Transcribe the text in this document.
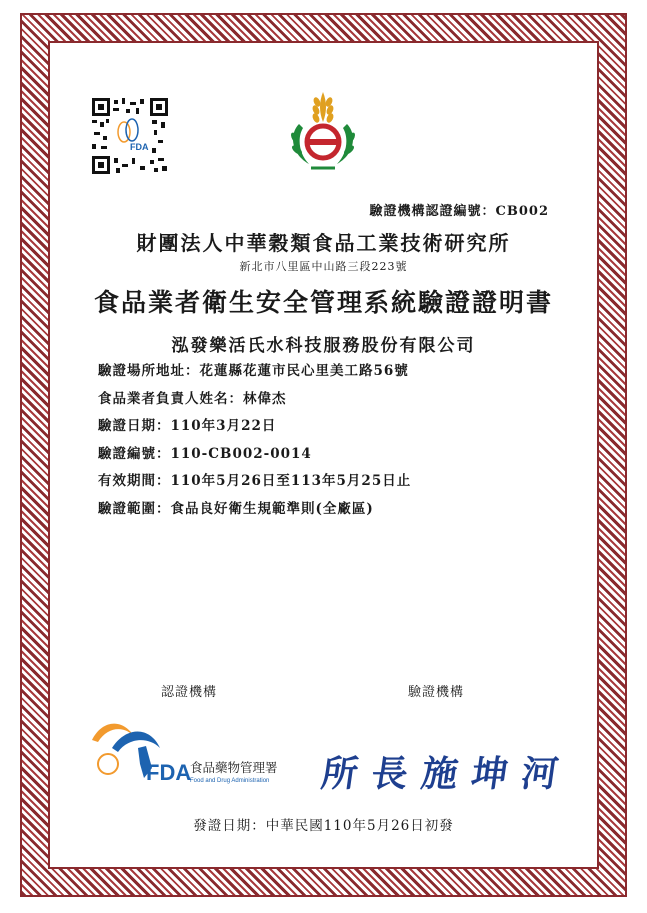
FDA
驗證機構認證編號：CB002
財團法人中華穀類食品工業技術研究所
新北市八里區中山路三段223號
食品業者衛生安全管理系統驗證證明書
泓發樂活氏水科技服務股份有限公司
驗證場所地址：花蓮縣花蓮市民心里美工路56號
食品業者負責人姓名：林偉杰
驗證日期：110年3月22日
驗證編號：110-CB002-0014
有效期間：110年5月26日至113年5月25日止
驗證範圍：食品良好衛生規範準則(全廠區)
認證機構	驗證機構
FDA
食品藥物管理署
Food and Drug Administration 所長施坤河
發證日期：中華民國110年5月26日初發
